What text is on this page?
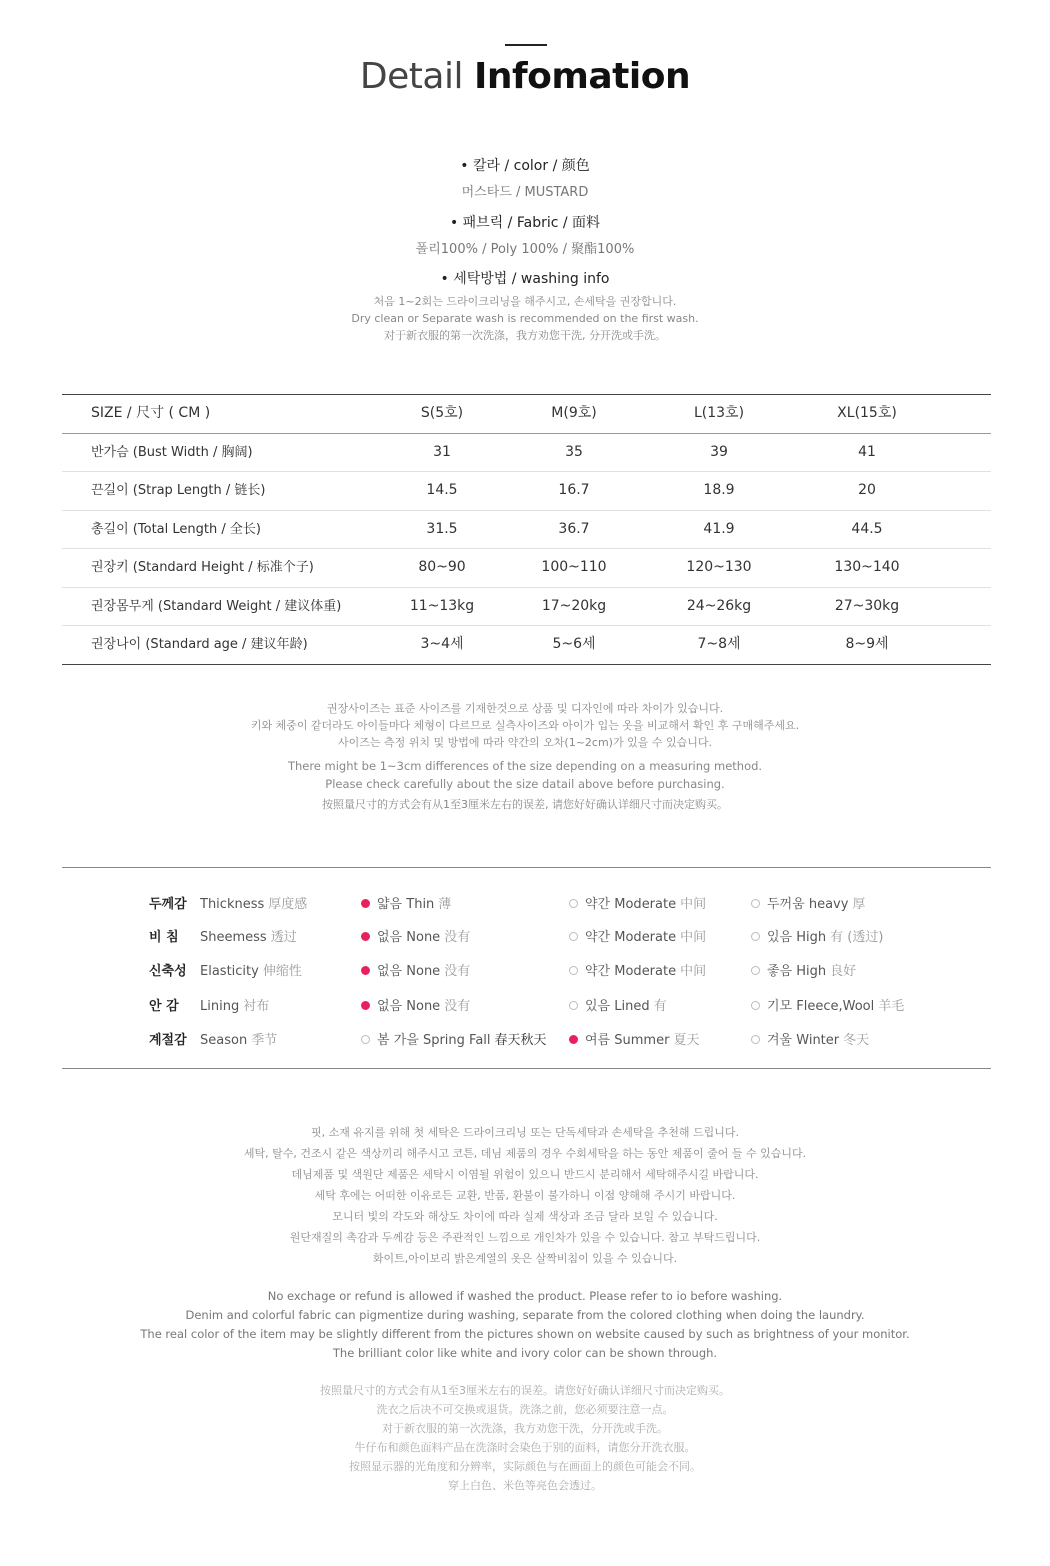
Detail Infomation
• 칼라 / color / 颜色
머스타드 / MUSTARD
• 패브릭 / Fabric / 面料
폴리100% / Poly 100% / 聚酯100%
• 세탁방법 / washing info
처음 1~2회는 드라이크리닝을 해주시고, 손세탁을 권장합니다.
Dry clean or Separate wash is recommended on the first wash.
对于新衣服的第一次洗涤，我方劝您干洗, 分开洗或手洗。
SIZE / 尺寸 ( CM )	S(5호)	M(9호)	L(13호)	XL(15호)
반가슴 (Bust Width / 胸阔)	31	35	39	41
끈길이 (Strap Length / 链长)	14.5	16.7	18.9	20
총길이 (Total Length / 全长)	31.5	36.7	41.9	44.5
권장키 (Standard Height / 标准个子)	80~90	100~110	120~130	130~140
권장몸무게 (Standard Weight / 建议体重)	11~13kg	17~20kg	24~26kg	27~30kg
권장나이 (Standard age / 建议年龄)	3~4세	5~6세	7~8세	8~9세
권장사이즈는 표준 사이즈를 기재한것으로 상품 및 디자인에 따라 차이가 있습니다.
키와 체중이 같더라도 아이들마다 체형이 다르므로 실측사이즈와 아이가 입는 옷을 비교해서 확인 후 구매해주세요.
사이즈는 측정 위치 및 방법에 따라 약간의 오차(1~2cm)가 있을 수 있습니다.
There might be 1~3cm differences of the size depending on a measuring method.
Please check carefully about the size datail above before purchasing.
按照量尺寸的方式会有从1至3厘米左右的误差, 请您好好确认详细尺寸而决定购买。
두께감 Thickness 厚度感	얇음 Thin 薄	약간 Moderate 中间	두꺼움 heavy 厚
비 침 Sheemess 透过	없음 None 没有	약간 Moderate 中间	있음 High 有 (透过)
신축성 Elasticity 伸缩性	없음 None 没有	약간 Moderate 中间	좋음 High 良好
안 감 Lining 衬布	없음 None 没有	있음 Lined 有	기모 Fleece,Wool 羊毛
계절감 Season 季节	봄 가을 Spring Fall 春天秋天	여름 Summer 夏天	겨울 Winter 冬天
핏, 소재 유지를 위해 첫 세탁은 드라이크리닝 또는 단독세탁과 손세탁을 추천해 드립니다.
세탁, 탈수, 건조시 같은 색상끼리 해주시고 코튼, 데님 제품의 경우 수회세탁을 하는 동안 제품이 줄어 들 수 있습니다.
데님제품 및 색원단 제품은 세탁시 이염될 위험이 있으니 반드시 분리해서 세탁해주시길 바랍니다.
세탁 후에는 어떠한 이유로든 교환, 반품, 환불이 불가하니 이점 양해해 주시기 바랍니다.
모니터 빛의 각도와 해상도 차이에 따라 실제 색상과 조금 달라 보일 수 있습니다.
원단재질의 촉감과 두께감 등은 주관적인 느낌으로 개인차가 있을 수 있습니다. 참고 부탁드립니다.
화이트,아이보리 밝은계열의 옷은 살짝비침이 있을 수 있습니다.
No exchage or refund is allowed if washed the product. Please refer to io before washing.
Denim and colorful fabric can pigmentize during washing, separate from the colored clothing when doing the laundry.
The real color of the item may be slightly different from the pictures shown on website caused by such as brightness of your monitor.
The brilliant color like white and ivory color can be shown through.
按照量尺寸的方式会有从1至3厘米左右的误差。请您好好确认详细尺寸而决定购买。
洗衣之后决不可交换或退货。洗涤之前，您必须要注意一点。
对于新衣服的第一次洗涤，我方劝您干洗，分开洗或手洗。
牛仔布和颜色面料产品在洗涤时会染色于别的面料，请您分开洗衣服。
按照显示器的光角度和分辨率，实际颜色与在画面上的颜色可能会不同。
穿上白色、米色等亮色会透过。
